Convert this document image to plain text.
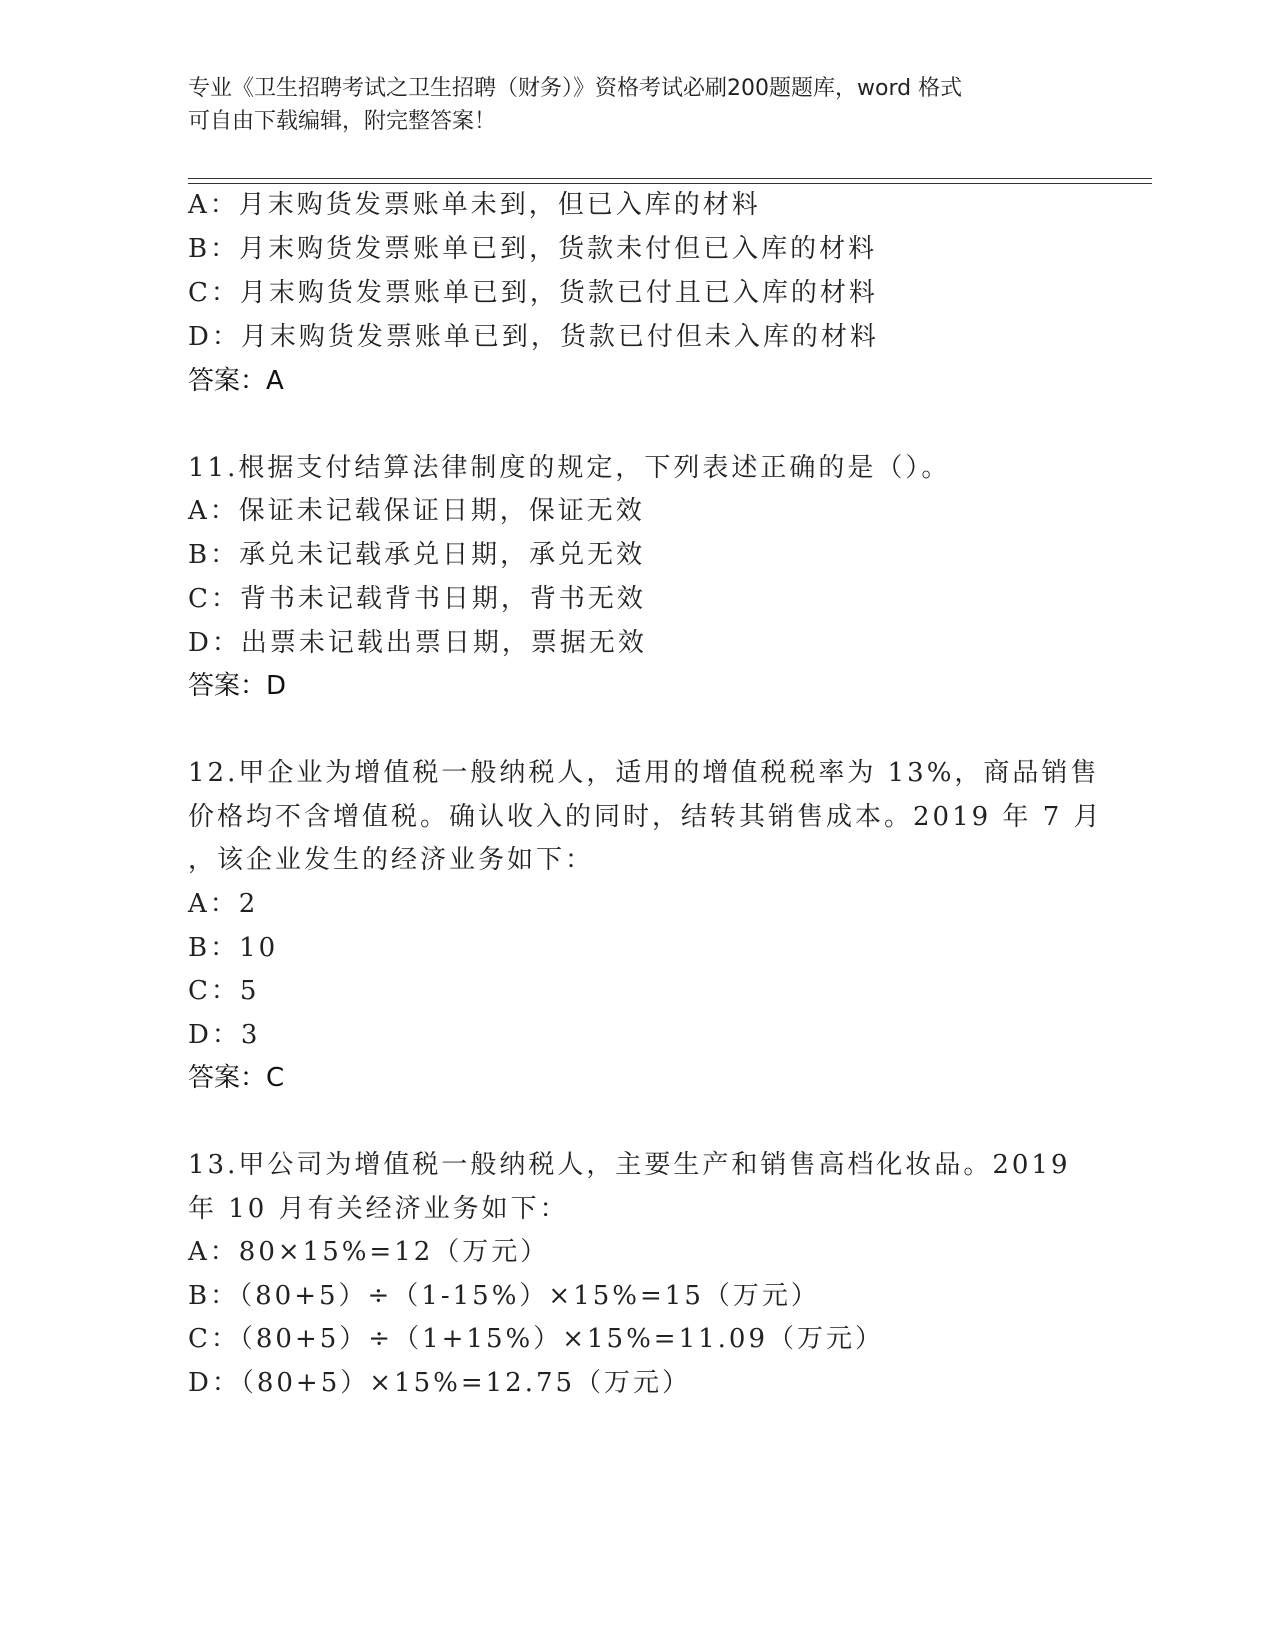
专业《卫生招聘考试之卫生招聘（财务）》资格考试必刷200题题库，word 格式
可自由下载编辑，附完整答案！
A：月末购货发票账单未到，但已入库的材料
B：月末购货发票账单已到，货款未付但已入库的材料
C：月末购货发票账单已到，货款已付且已入库的材料
D：月末购货发票账单已到，货款已付但未入库的材料
答案：A
11.根据支付结算法律制度的规定，下列表述正确的是（）。
A：保证未记载保证日期，保证无效
B：承兑未记载承兑日期，承兑无效
C：背书未记载背书日期，背书无效
D：出票未记载出票日期，票据无效
答案：D
12.甲企业为增值税一般纳税人，适用的增值税税率为 13%，商品销售
价格均不含增值税。确认收入的同时，结转其销售成本。2019 年 7 月
，该企业发生的经济业务如下：
A：2
B：10
C：5
D：3
答案：C
13.甲公司为增值税一般纳税人，主要生产和销售高档化妆品。2019
年 10 月有关经济业务如下：
A：80×15%=12（万元）
B：（80+5）÷（1-15%）×15%=15（万元）
C：（80+5）÷（1+15%）×15%=11.09（万元）
D：（80+5）×15%=12.75（万元）
